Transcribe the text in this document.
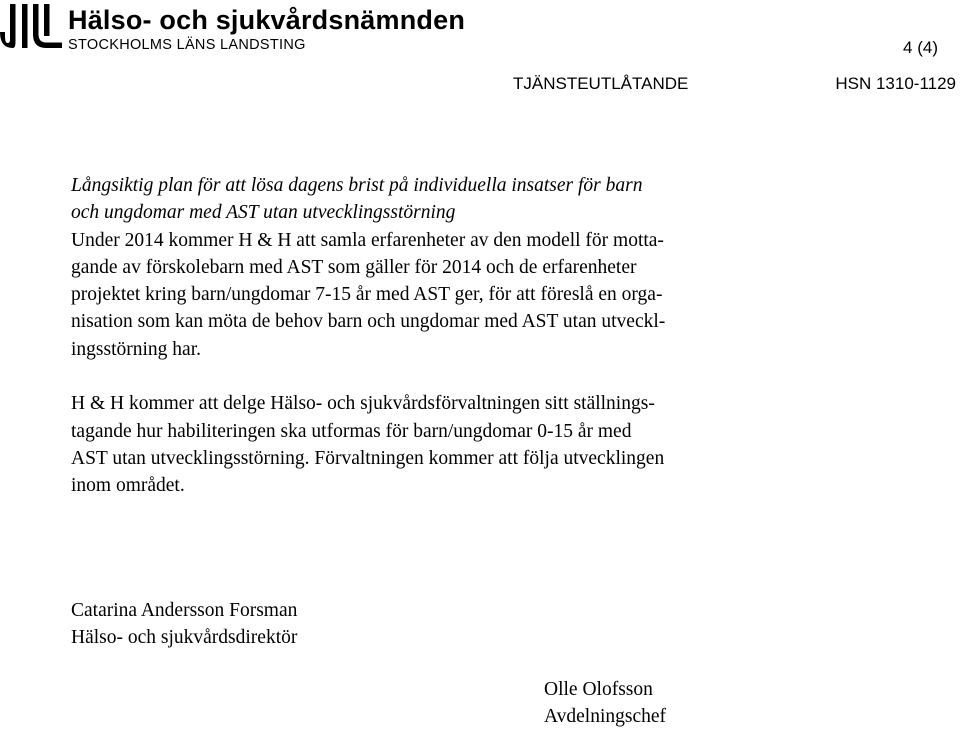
Hälso- och sjukvårdsnämnden
STOCKHOLMS LÄNS LANDSTING	4 (4)
TJÄNSTEUTLÅTANDE	HSN 1310-1129

Långsiktig plan för att lösa dagens brist på individuella insatser för barn
och ungdomar med AST utan utvecklingsstörning

Under 2014 kommer H & H att samla erfarenheter av den modell för motta-
gande av förskolebarn med AST som gäller för 2014 och de erfarenheter
projektet kring barn/ungdomar 7-15 år med AST ger, för att föreslå en orga-
nisation som kan möta de behov barn och ungdomar med AST utan utveckl-
ingsstörning har.

H & H kommer att delge Hälso- och sjukvårdsförvaltningen sitt ställnings-
tagande hur habiliteringen ska utformas för barn/ungdomar 0-15 år med
AST utan utvecklingsstörning. Förvaltningen kommer att följa utvecklingen
inom området.

Catarina Andersson Forsman
Hälso- och sjukvårdsdirektör
Olle Olofsson
Avdelningschef
